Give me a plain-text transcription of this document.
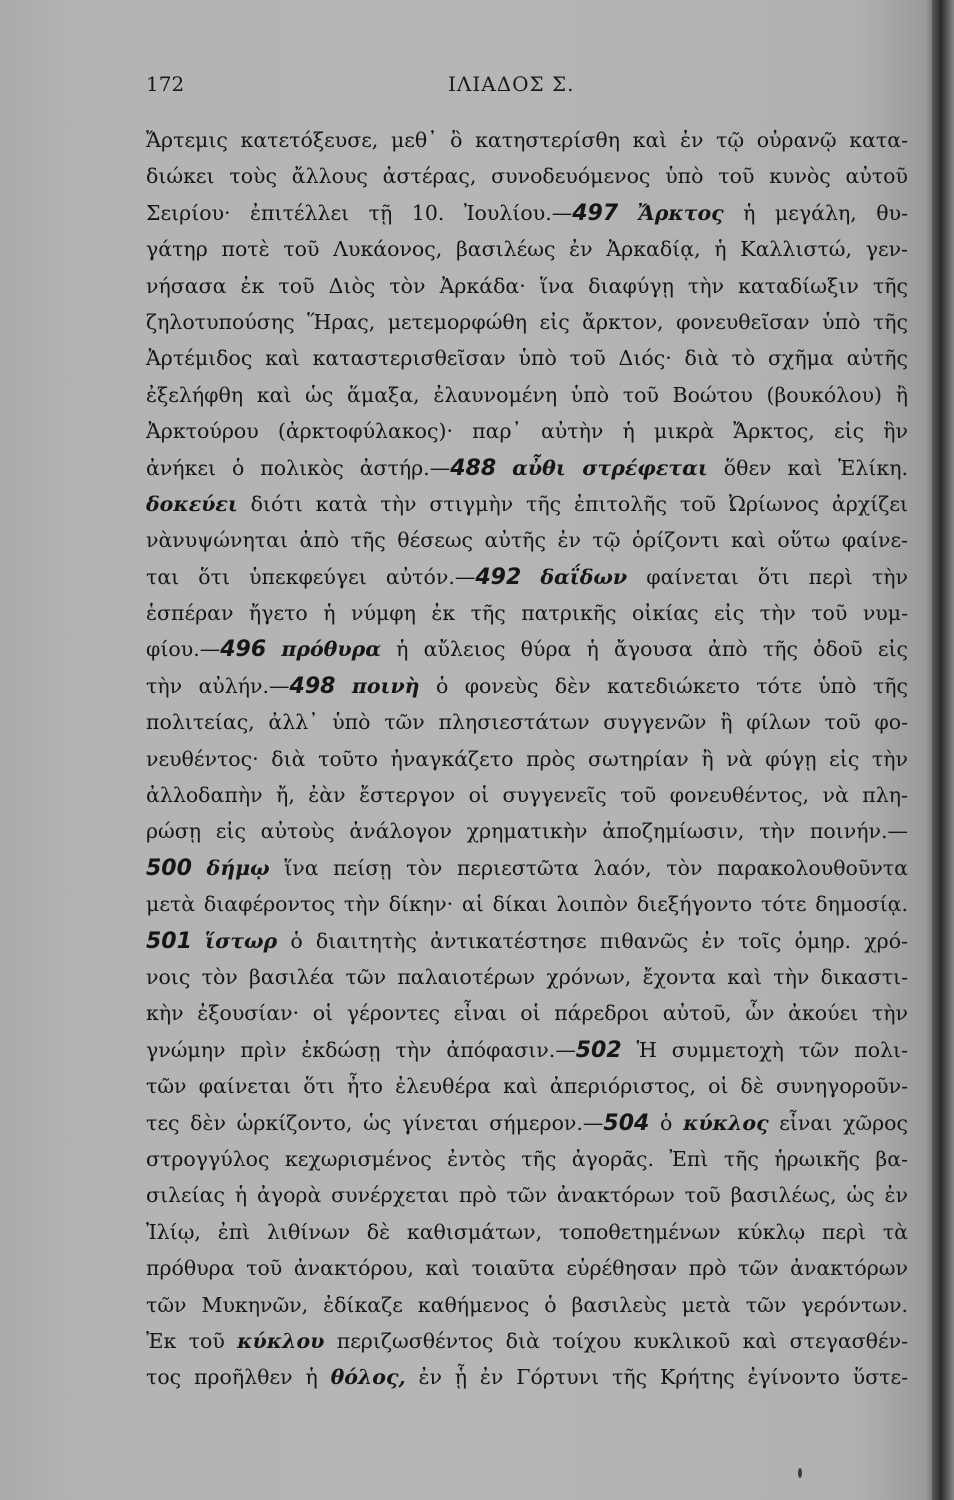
172	ΙΛΙΑΔΟΣ Σ.
Ἄρτεμις κατετόξευσε, μεθ᾽ ὃ κατηστερίσθη καὶ ἐν τῷ οὐρανῷ κατα-
διώκει τοὺς ἄλλους ἀστέρας, συνοδευόμενος ὑπὸ τοῦ κυνὸς αὐτοῦ
Σειρίου· ἐπιτέλλει τῇ 10. Ἰουλίου.—497 Ἄρκτος ἡ μεγάλη, θυ-
γάτηρ ποτὲ τοῦ Λυκάονος, βασιλέως ἐν Ἀρκαδίᾳ, ἡ Καλλιστώ, γεν-
νήσασα ἐκ τοῦ Διὸς τὸν Ἀρκάδα· ἵνα διαφύγῃ τὴν καταδίωξιν τῆς
ζηλοτυπούσης Ἥρας, μετεμορφώθη εἰς ἄρκτον, φονευθεῖσαν ὑπὸ τῆς
Ἀρτέμιδος καὶ καταστερισθεῖσαν ὑπὸ τοῦ Διός· διὰ τὸ σχῆμα αὐτῆς
ἐξελήφθη καὶ ὡς ἅμαξα, ἐλαυνομένη ὑπὸ τοῦ Βοώτου (βουκόλου) ἢ
Ἀρκτούρου (ἀρκτοφύλακος)· παρ᾽ αὐτὴν ἡ μικρὰ Ἄρκτος, εἰς ἣν
ἀνήκει ὁ πολικὸς ἀστήρ.—488 αὖθι στρέφεται ὅθεν καὶ Ἑλίκη.
δοκεύει διότι κατὰ τὴν στιγμὴν τῆς ἐπιτολῆς τοῦ Ὠρίωνος ἀρχίζει
νὰνυψώνηται ἀπὸ τῆς θέσεως αὐτῆς ἐν τῷ ὁρίζοντι καὶ οὕτω φαίνε-
ται ὅτι ὑπεκφεύγει αὐτόν.—492 δαΐδων φαίνεται ὅτι περὶ τὴν
ἑσπέραν ἤγετο ἡ νύμφη ἐκ τῆς πατρικῆς οἰκίας εἰς τὴν τοῦ νυμ-
φίου.—496 πρόθυρα ἡ αὔλειος θύρα ἡ ἄγουσα ἀπὸ τῆς ὁδοῦ εἰς
τὴν αὐλήν.—498 ποινὴ ὁ φονεὺς δὲν κατεδιώκετο τότε ὑπὸ τῆς
πολιτείας, ἀλλ᾽ ὑπὸ τῶν πλησιεστάτων συγγενῶν ἢ φίλων τοῦ φο-
νευθέντος· διὰ τοῦτο ἠναγκάζετο πρὸς σωτηρίαν ἢ νὰ φύγῃ εἰς τὴν
ἀλλοδαπὴν ἤ, ἐὰν ἔστεργον οἱ συγγενεῖς τοῦ φονευθέντος, νὰ πλη-
ρώσῃ εἰς αὐτοὺς ἀνάλογον χρηματικὴν ἀποζημίωσιν, τὴν ποινήν.—
500 δήμῳ ἵνα πείσῃ τὸν περιεστῶτα λαόν, τὸν παρακολουθοῦντα
μετὰ διαφέροντος τὴν δίκην· αἱ δίκαι λοιπὸν διεξήγοντο τότε δημοσίᾳ.
501 ἵστωρ ὁ διαιτητὴς ἀντικατέστησε πιθανῶς ἐν τοῖς ὁμηρ. χρό-
νοις τὸν βασιλέα τῶν παλαιοτέρων χρόνων, ἔχοντα καὶ τὴν δικαστι-
κὴν ἐξουσίαν· οἱ γέροντες εἶναι οἱ πάρεδροι αὐτοῦ, ὧν ἀκούει τὴν
γνώμην πρὶν ἐκδώσῃ τὴν ἀπόφασιν.—502 Ἡ συμμετοχὴ τῶν πολι-
τῶν φαίνεται ὅτι ἦτο ἐλευθέρα καὶ ἀπεριόριστος, οἱ δὲ συνηγοροῦν-
τες δὲν ὡρκίζοντο, ὡς γίνεται σήμερον.—504 ὁ κύκλος εἶναι χῶρος
στρογγύλος κεχωρισμένος ἐντὸς τῆς ἀγορᾶς. Ἐπὶ τῆς ἡρωικῆς βα-
σιλείας ἡ ἀγορὰ συνέρχεται πρὸ τῶν ἀνακτόρων τοῦ βασιλέως, ὡς ἐν
Ἰλίῳ, ἐπὶ λιθίνων δὲ καθισμάτων, τοποθετημένων κύκλῳ περὶ τὰ
πρόθυρα τοῦ ἀνακτόρου, καὶ τοιαῦτα εὑρέθησαν πρὸ τῶν ἀνακτόρων
τῶν Μυκηνῶν, ἐδίκαζε καθήμενος ὁ βασιλεὺς μετὰ τῶν γερόντων.
Ἐκ τοῦ κύκλου περιζωσθέντος διὰ τοίχου κυκλικοῦ καὶ στεγασθέν-
τος προῆλθεν ἡ θόλος, ἐν ᾗ ἐν Γόρτυνι τῆς Κρήτης ἐγίνοντο ὕστε-
